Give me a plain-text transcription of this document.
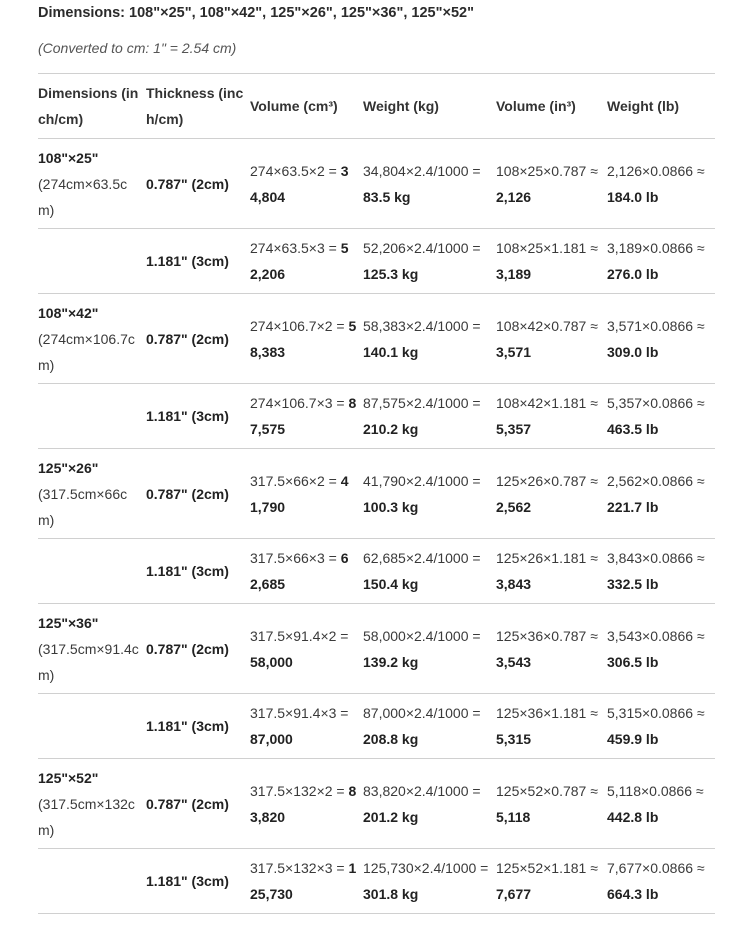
Dimensions: 108"×25", 108"×42", 125"×26", 125"×36", 125"×52"

(Converted to cm: 1" = 2.54 cm)

Dimensions (inch/cm)	Thickness (inch/cm)	Volume (cm³)	Weight (kg)	Volume (in³)	Weight (lb)

108"×25"
(274cm×63.5cm)	0.787" (2cm)	274×63.5×2 = 34,804	34,804×2.4/1000 = 83.5 kg	108×25×0.787 ≈ 2,126	2,126×0.0866 ≈ 184.0 lb

	1.181" (3cm)	274×63.5×3 = 52,206	52,206×2.4/1000 = 125.3 kg	108×25×1.181 ≈ 3,189	3,189×0.0866 ≈ 276.0 lb

108"×42"
(274cm×106.7cm)	0.787" (2cm)	274×106.7×2 = 58,383	58,383×2.4/1000 = 140.1 kg	108×42×0.787 ≈ 3,571	3,571×0.0866 ≈ 309.0 lb

	1.181" (3cm)	274×106.7×3 = 87,575	87,575×2.4/1000 = 210.2 kg	108×42×1.181 ≈ 5,357	5,357×0.0866 ≈ 463.5 lb

125"×26"
(317.5cm×66cm)	0.787" (2cm)	317.5×66×2 = 41,790	41,790×2.4/1000 = 100.3 kg	125×26×0.787 ≈ 2,562	2,562×0.0866 ≈ 221.7 lb

	1.181" (3cm)	317.5×66×3 = 62,685	62,685×2.4/1000 = 150.4 kg	125×26×1.181 ≈ 3,843	3,843×0.0866 ≈ 332.5 lb

125"×36"
(317.5cm×91.4cm)	0.787" (2cm)	317.5×91.4×2 = 58,000	58,000×2.4/1000 = 139.2 kg	125×36×0.787 ≈ 3,543	3,543×0.0866 ≈ 306.5 lb

	1.181" (3cm)	317.5×91.4×3 = 87,000	87,000×2.4/1000 = 208.8 kg	125×36×1.181 ≈ 5,315	5,315×0.0866 ≈ 459.9 lb

125"×52"
(317.5cm×132cm)	0.787" (2cm)	317.5×132×2 = 83,820	83,820×2.4/1000 = 201.2 kg	125×52×0.787 ≈ 5,118	5,118×0.0866 ≈ 442.8 lb

	1.181" (3cm)	317.5×132×3 = 125,730	125,730×2.4/1000 = 301.8 kg	125×52×1.181 ≈ 7,677	7,677×0.0866 ≈ 664.3 lb
